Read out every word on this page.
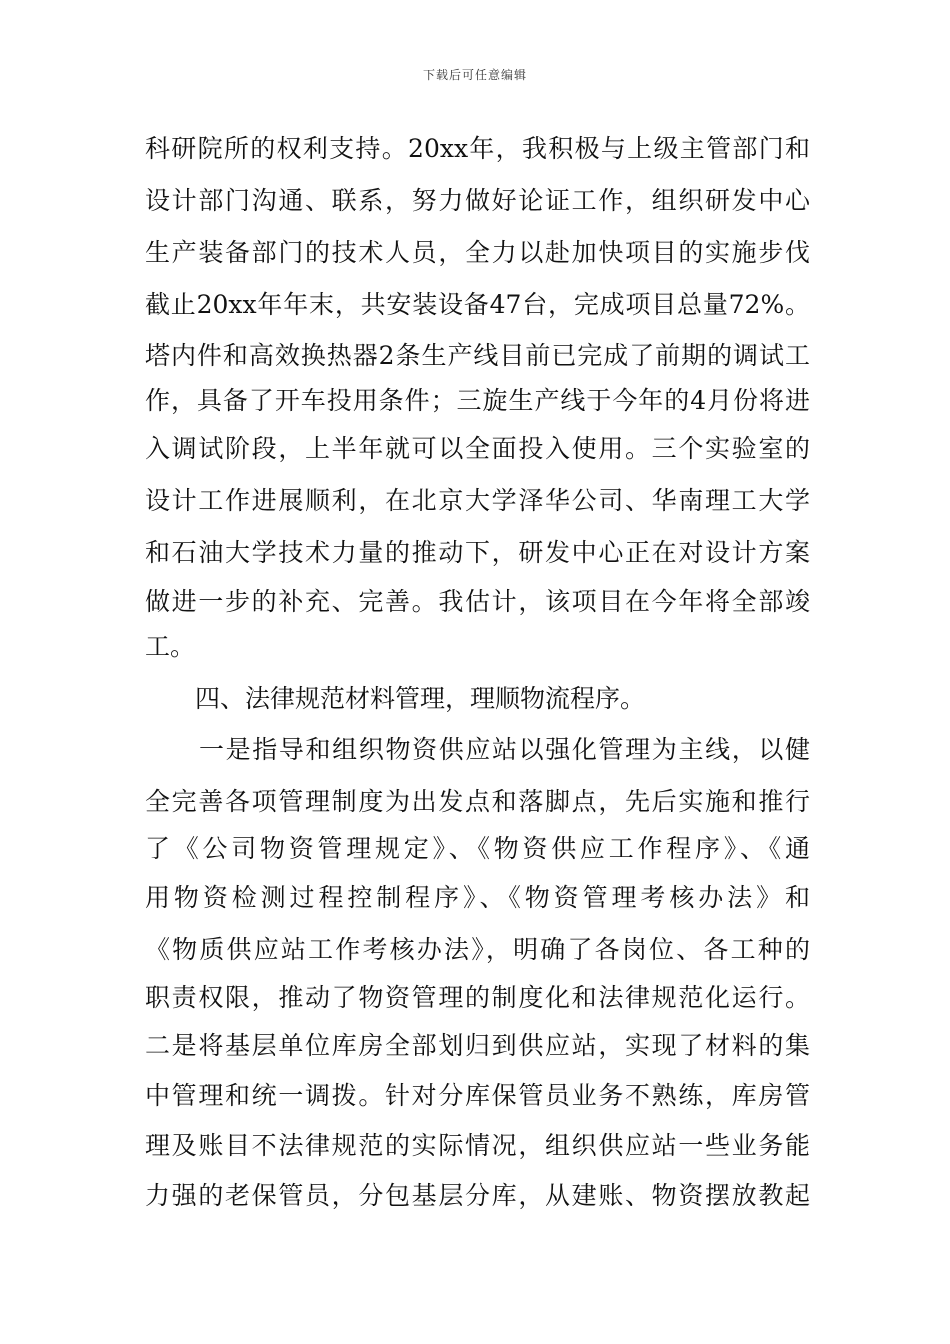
下载后可任意编辑
科研院所的权利支持。20xx年，我积极与上级主管部门和
设计部门沟通、联系，努力做好论证工作，组织研发中心
生产装备部门的技术人员，全力以赴加快项目的实施步伐
截止20xx年年末，共安装设备47台，完成项目总量72%。
塔内件和高效换热器2条生产线目前已完成了前期的调试工
作，具备了开车投用条件；三旋生产线于今年的4月份将进
入调试阶段，上半年就可以全面投入使用。三个实验室的
设计工作进展顺利，在北京大学泽华公司、华南理工大学
和石油大学技术力量的推动下，研发中心正在对设计方案
做进一步的补充、完善。我估计，该项目在今年将全部竣
工。
四、法律规范材料管理，理顺物流程序。
一是指导和组织物资供应站以强化管理为主线，以健
全完善各项管理制度为出发点和落脚点，先后实施和推行
了《公司物资管理规定》、《物资供应工作程序》、《通
用物资检测过程控制程序》、《物资管理考核办法》和
《物质供应站工作考核办法》，明确了各岗位、各工种的
职责权限，推动了物资管理的制度化和法律规范化运行。
二是将基层单位库房全部划归到供应站，实现了材料的集
中管理和统一调拨。针对分库保管员业务不熟练，库房管
理及账目不法律规范的实际情况，组织供应站一些业务能
力强的老保管员，分包基层分库，从建账、物资摆放教起
